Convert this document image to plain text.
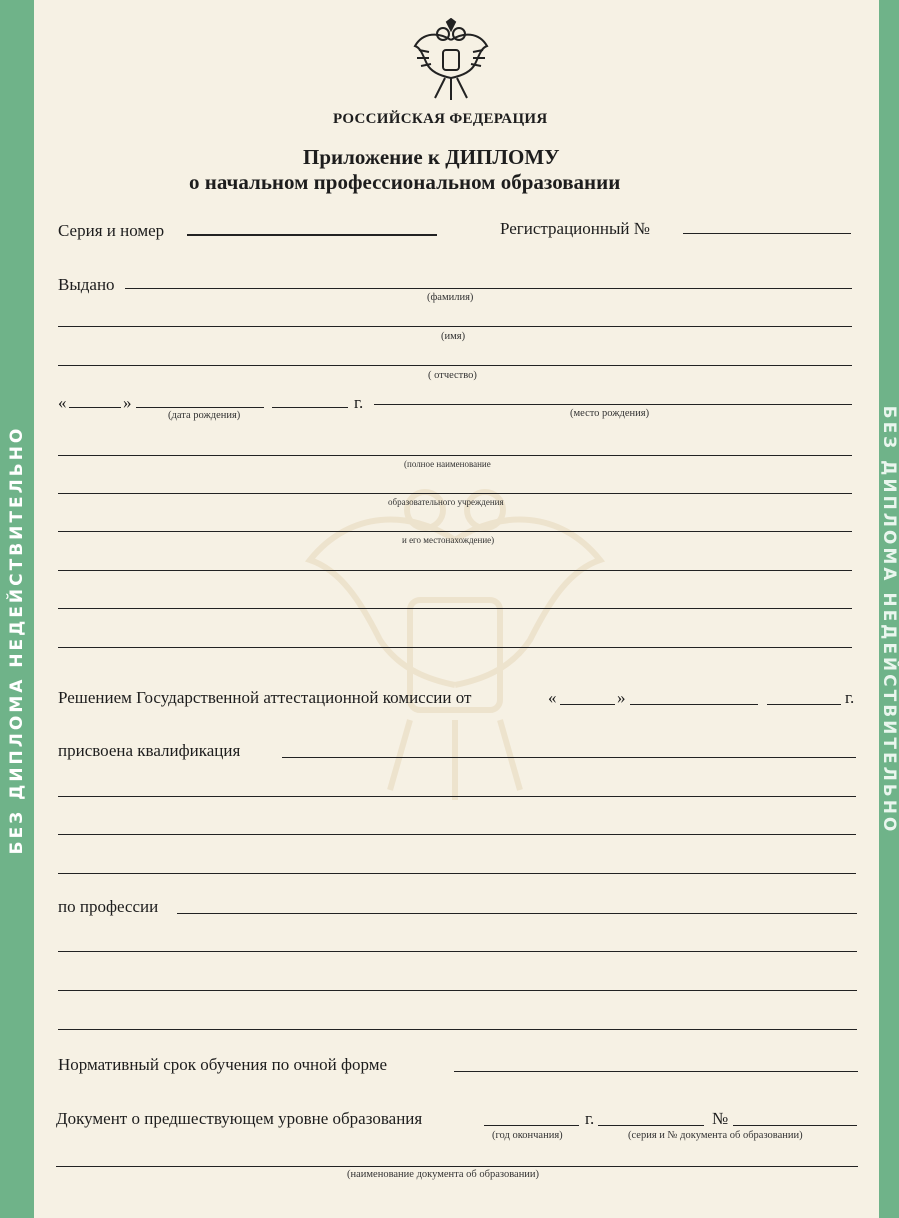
БЕЗ ДИПЛОМА НЕДЕЙСТВИТЕЛЬНО	БЕЗ ДИПЛОМА НЕДЕЙСТВИТЕЛЬНО
РОССИЙСКАЯ ФЕДЕРАЦИЯ
Приложение к ДИПЛОМУ
о начальном профессиональном образовании
Серия и номер	Регистрационный №
Выдано
(фамилия)
(имя)
( отчество)
«	»	г.
(дата рождения)	(место рождения)
(полное наименование
образовательного учреждения
и его местонахождение)
Решением Государственной аттестационной комиссии от	«	»	г.
присвоена квалификация
по профессии
Нормативный срок обучения по очной форме
Документ о предшествующем уровне образования	г.	№
(год окончания)	(серия и № документа об образовании)
(наименование документа об образовании)
